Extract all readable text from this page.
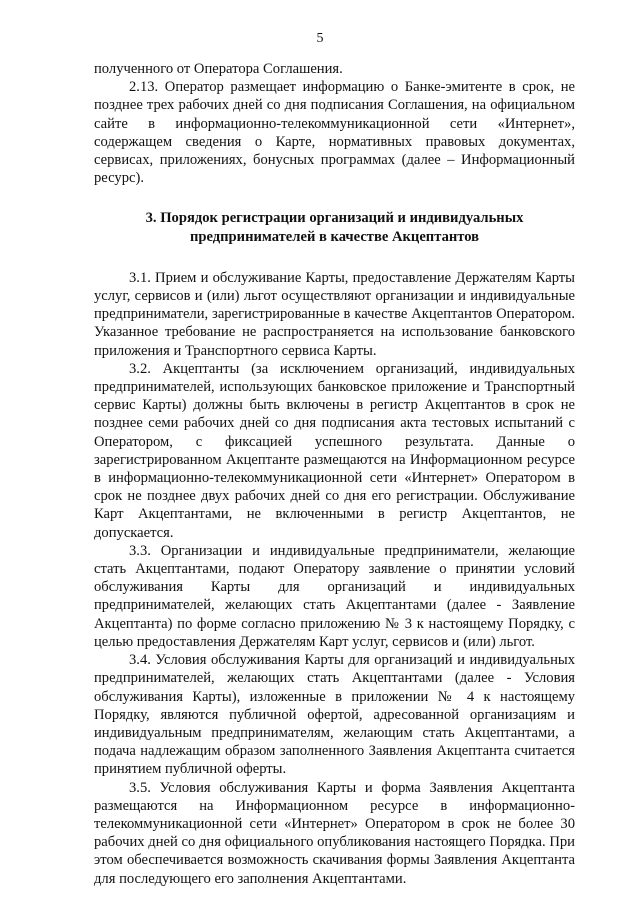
5

полученного от Оператора Соглашения.

2.13. Оператор размещает информацию о Банке-эмитенте в срок, не позднее трех рабочих дней со дня подписания Соглашения, на официальном сайте в информационно-телекоммуникационной сети «Интернет», содержащем сведения о Карте, нормативных правовых документах, сервисах, приложениях, бонусных программах (далее – Информационный ресурс).

3. Порядок регистрации организаций и индивидуальных
предпринимателей в качестве Акцептантов

3.1. Прием и обслуживание Карты, предоставление Держателям Карты услуг, сервисов и (или) льгот осуществляют организации и индивидуальные предприниматели, зарегистрированные в качестве Акцептантов Оператором. Указанное требование не распространяется на использование банковского приложения и Транспортного сервиса Карты.

3.2. Акцептанты (за исключением организаций, индивидуальных предпринимателей, использующих банковское приложение и Транспортный сервис Карты) должны быть включены в регистр Акцептантов в срок не позднее семи рабочих дней со дня подписания акта тестовых испытаний с Оператором, с фиксацией успешного результата. Данные о зарегистрированном Акцептанте размещаются на Информационном ресурсе в информационно-телекоммуникационной сети «Интернет» Оператором в срок не позднее двух рабочих дней со дня его регистрации. Обслуживание Карт Акцептантами, не включенными в регистр Акцептантов, не допускается.

3.3. Организации и индивидуальные предприниматели, желающие стать Акцептантами, подают Оператору заявление о принятии условий обслуживания Карты для организаций и индивидуальных предпринимателей, желающих стать Акцептантами (далее - Заявление Акцептанта) по форме согласно приложению № 3 к настоящему Порядку, с целью предоставления Держателям Карт услуг, сервисов и (или) льгот.

3.4. Условия обслуживания Карты для организаций и индивидуальных предпринимателей, желающих стать Акцептантами (далее - Условия обслуживания Карты), изложенные в приложении № 4 к настоящему Порядку, являются публичной офертой, адресованной организациям и индивидуальным предпринимателям, желающим стать Акцептантами, а подача надлежащим образом заполненного Заявления Акцептанта считается принятием публичной оферты.

3.5. Условия обслуживания Карты и форма Заявления Акцептанта размещаются на Информационном ресурсе в информационно-телекоммуникационной сети «Интернет» Оператором в срок не более 30 рабочих дней со дня официального опубликования настоящего Порядка. При этом обеспечивается возможность скачивания формы Заявления Акцептанта для последующего его заполнения Акцептантами.
